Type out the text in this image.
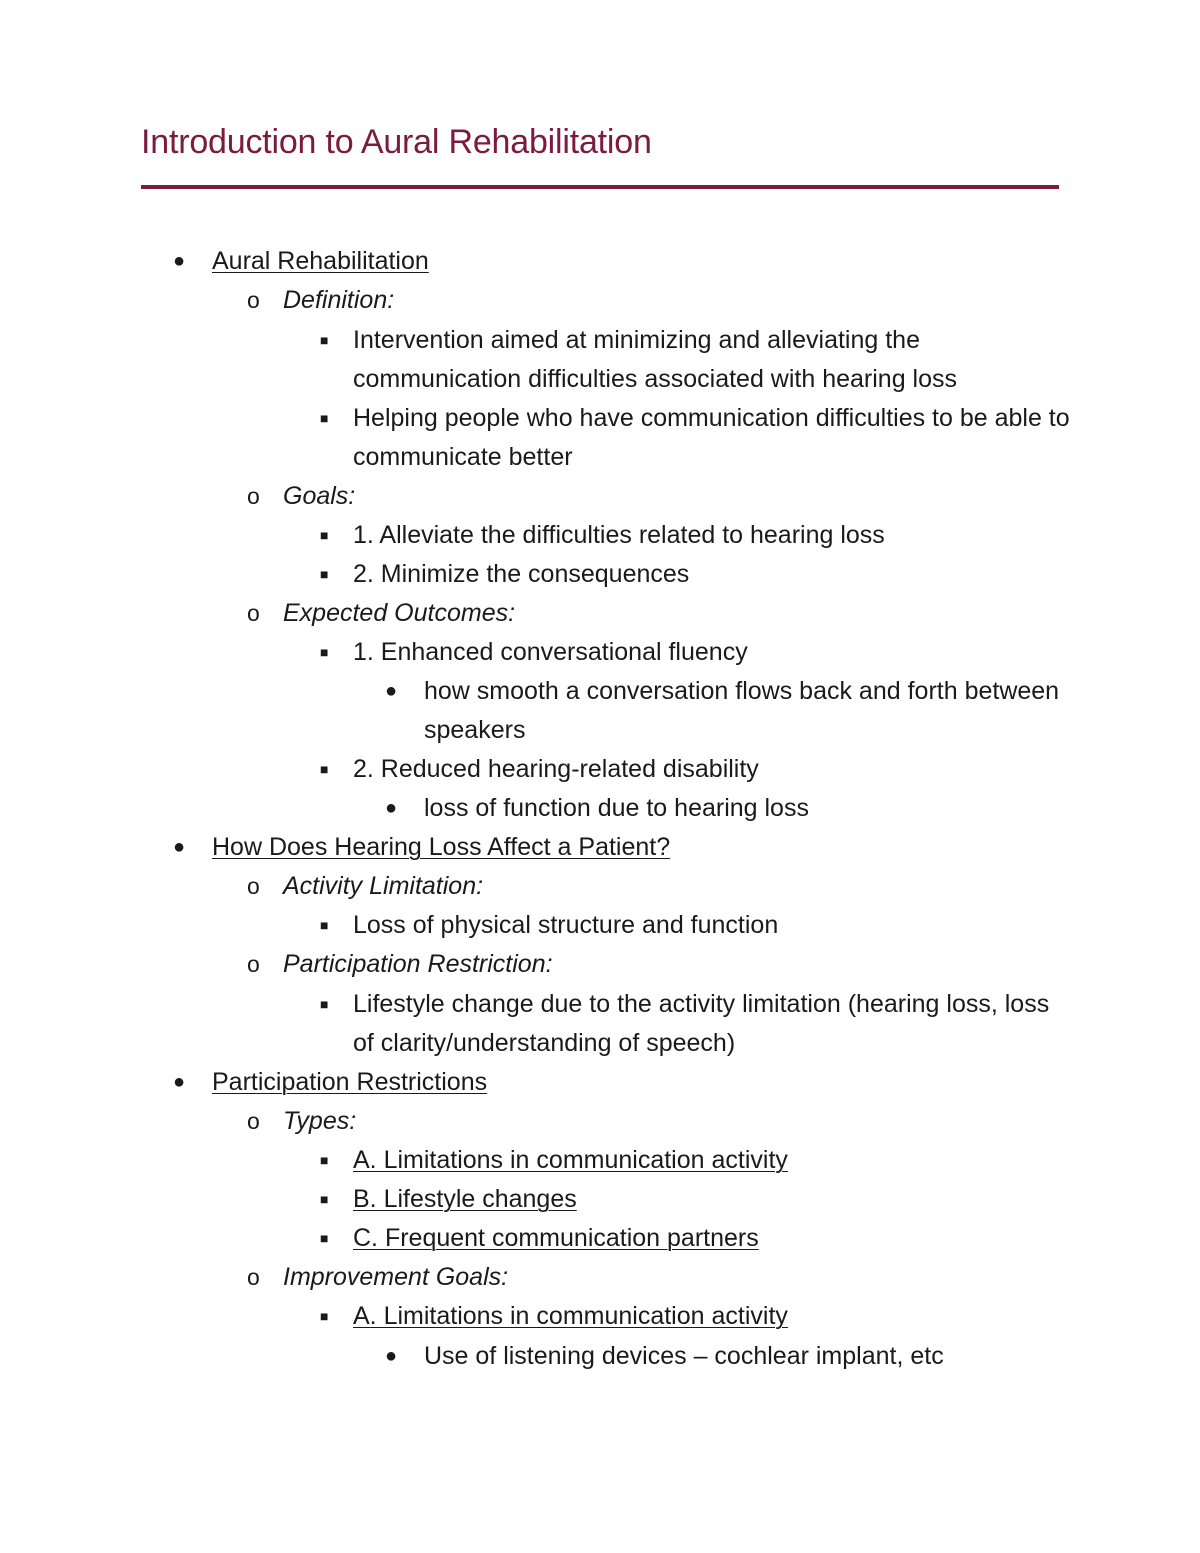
Introduction to Aural Rehabilitation
● Aural Rehabilitation
o Definition:
■ Intervention aimed at minimizing and alleviating the communication difficulties associated with hearing loss
■ Helping people who have communication difficulties to be able to communicate better
o Goals:
■ 1. Alleviate the difficulties related to hearing loss
■ 2. Minimize the consequences
o Expected Outcomes:
■ 1. Enhanced conversational fluency
● how smooth a conversation flows back and forth between speakers
■ 2. Reduced hearing-related disability
● loss of function due to hearing loss
● How Does Hearing Loss Affect a Patient?
o Activity Limitation:
■ Loss of physical structure and function
o Participation Restriction:
■ Lifestyle change due to the activity limitation (hearing loss, loss of clarity/understanding of speech)
● Participation Restrictions
o Types:
■ A. Limitations in communication activity
■ B. Lifestyle changes
■ C. Frequent communication partners
o Improvement Goals:
■ A. Limitations in communication activity
● Use of listening devices – cochlear implant, etc
